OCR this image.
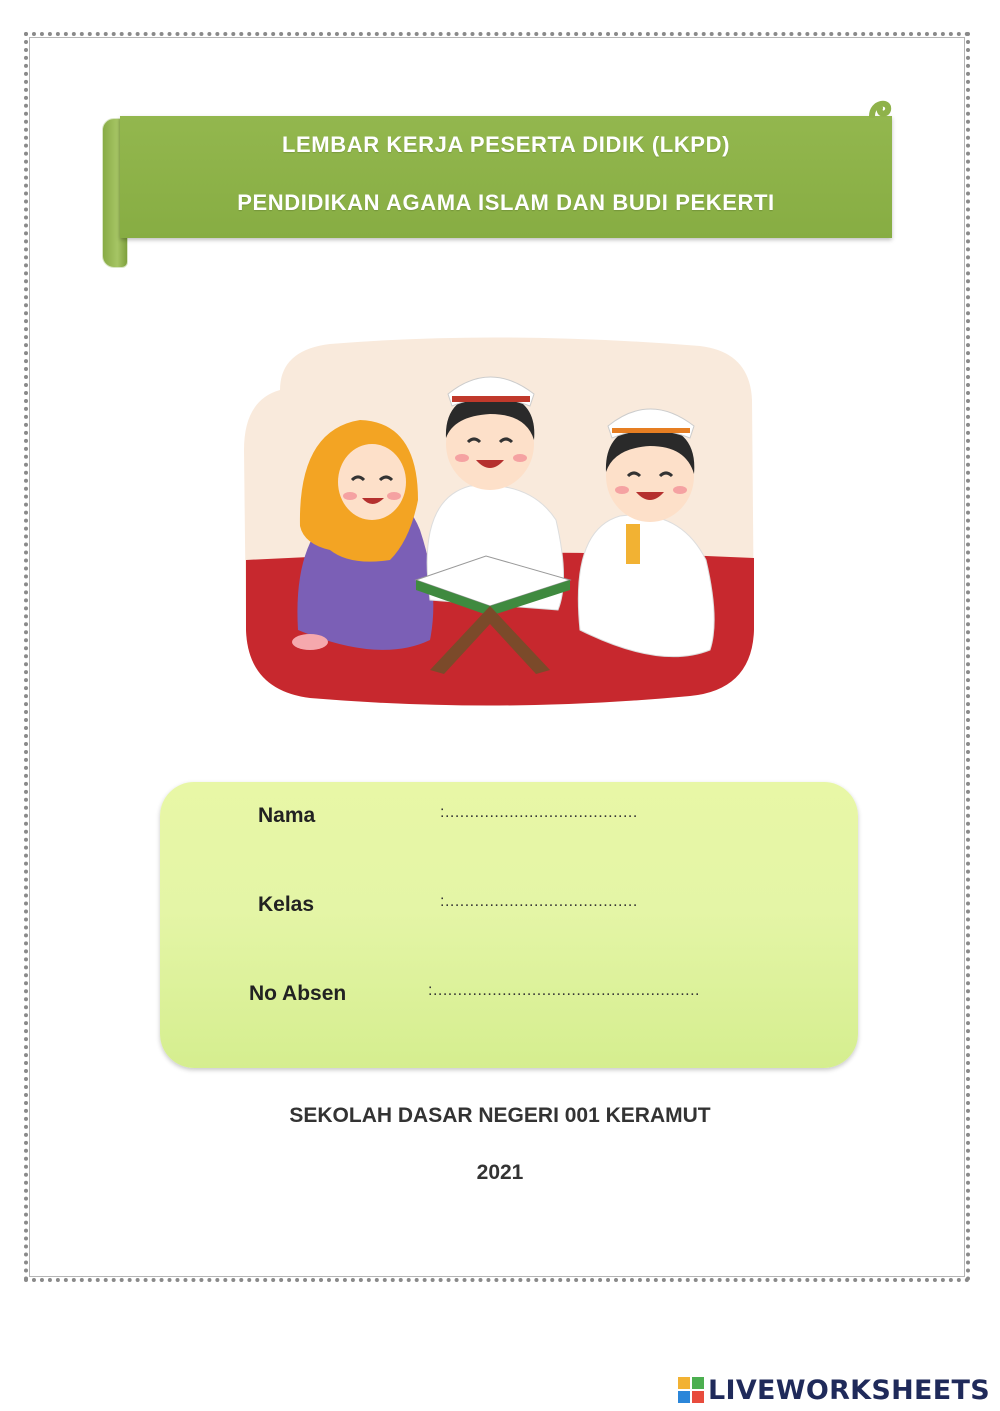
LEMBAR KERJA PESERTA DIDIK (LKPD)
PENDIDIKAN AGAMA ISLAM DAN BUDI PEKERTI
Nama	:.......................................
Kelas	:.......................................
No Absen	:......................................................
SEKOLAH DASAR NEGERI 001 KERAMUT
2021
LIVEWORKSHEETS
